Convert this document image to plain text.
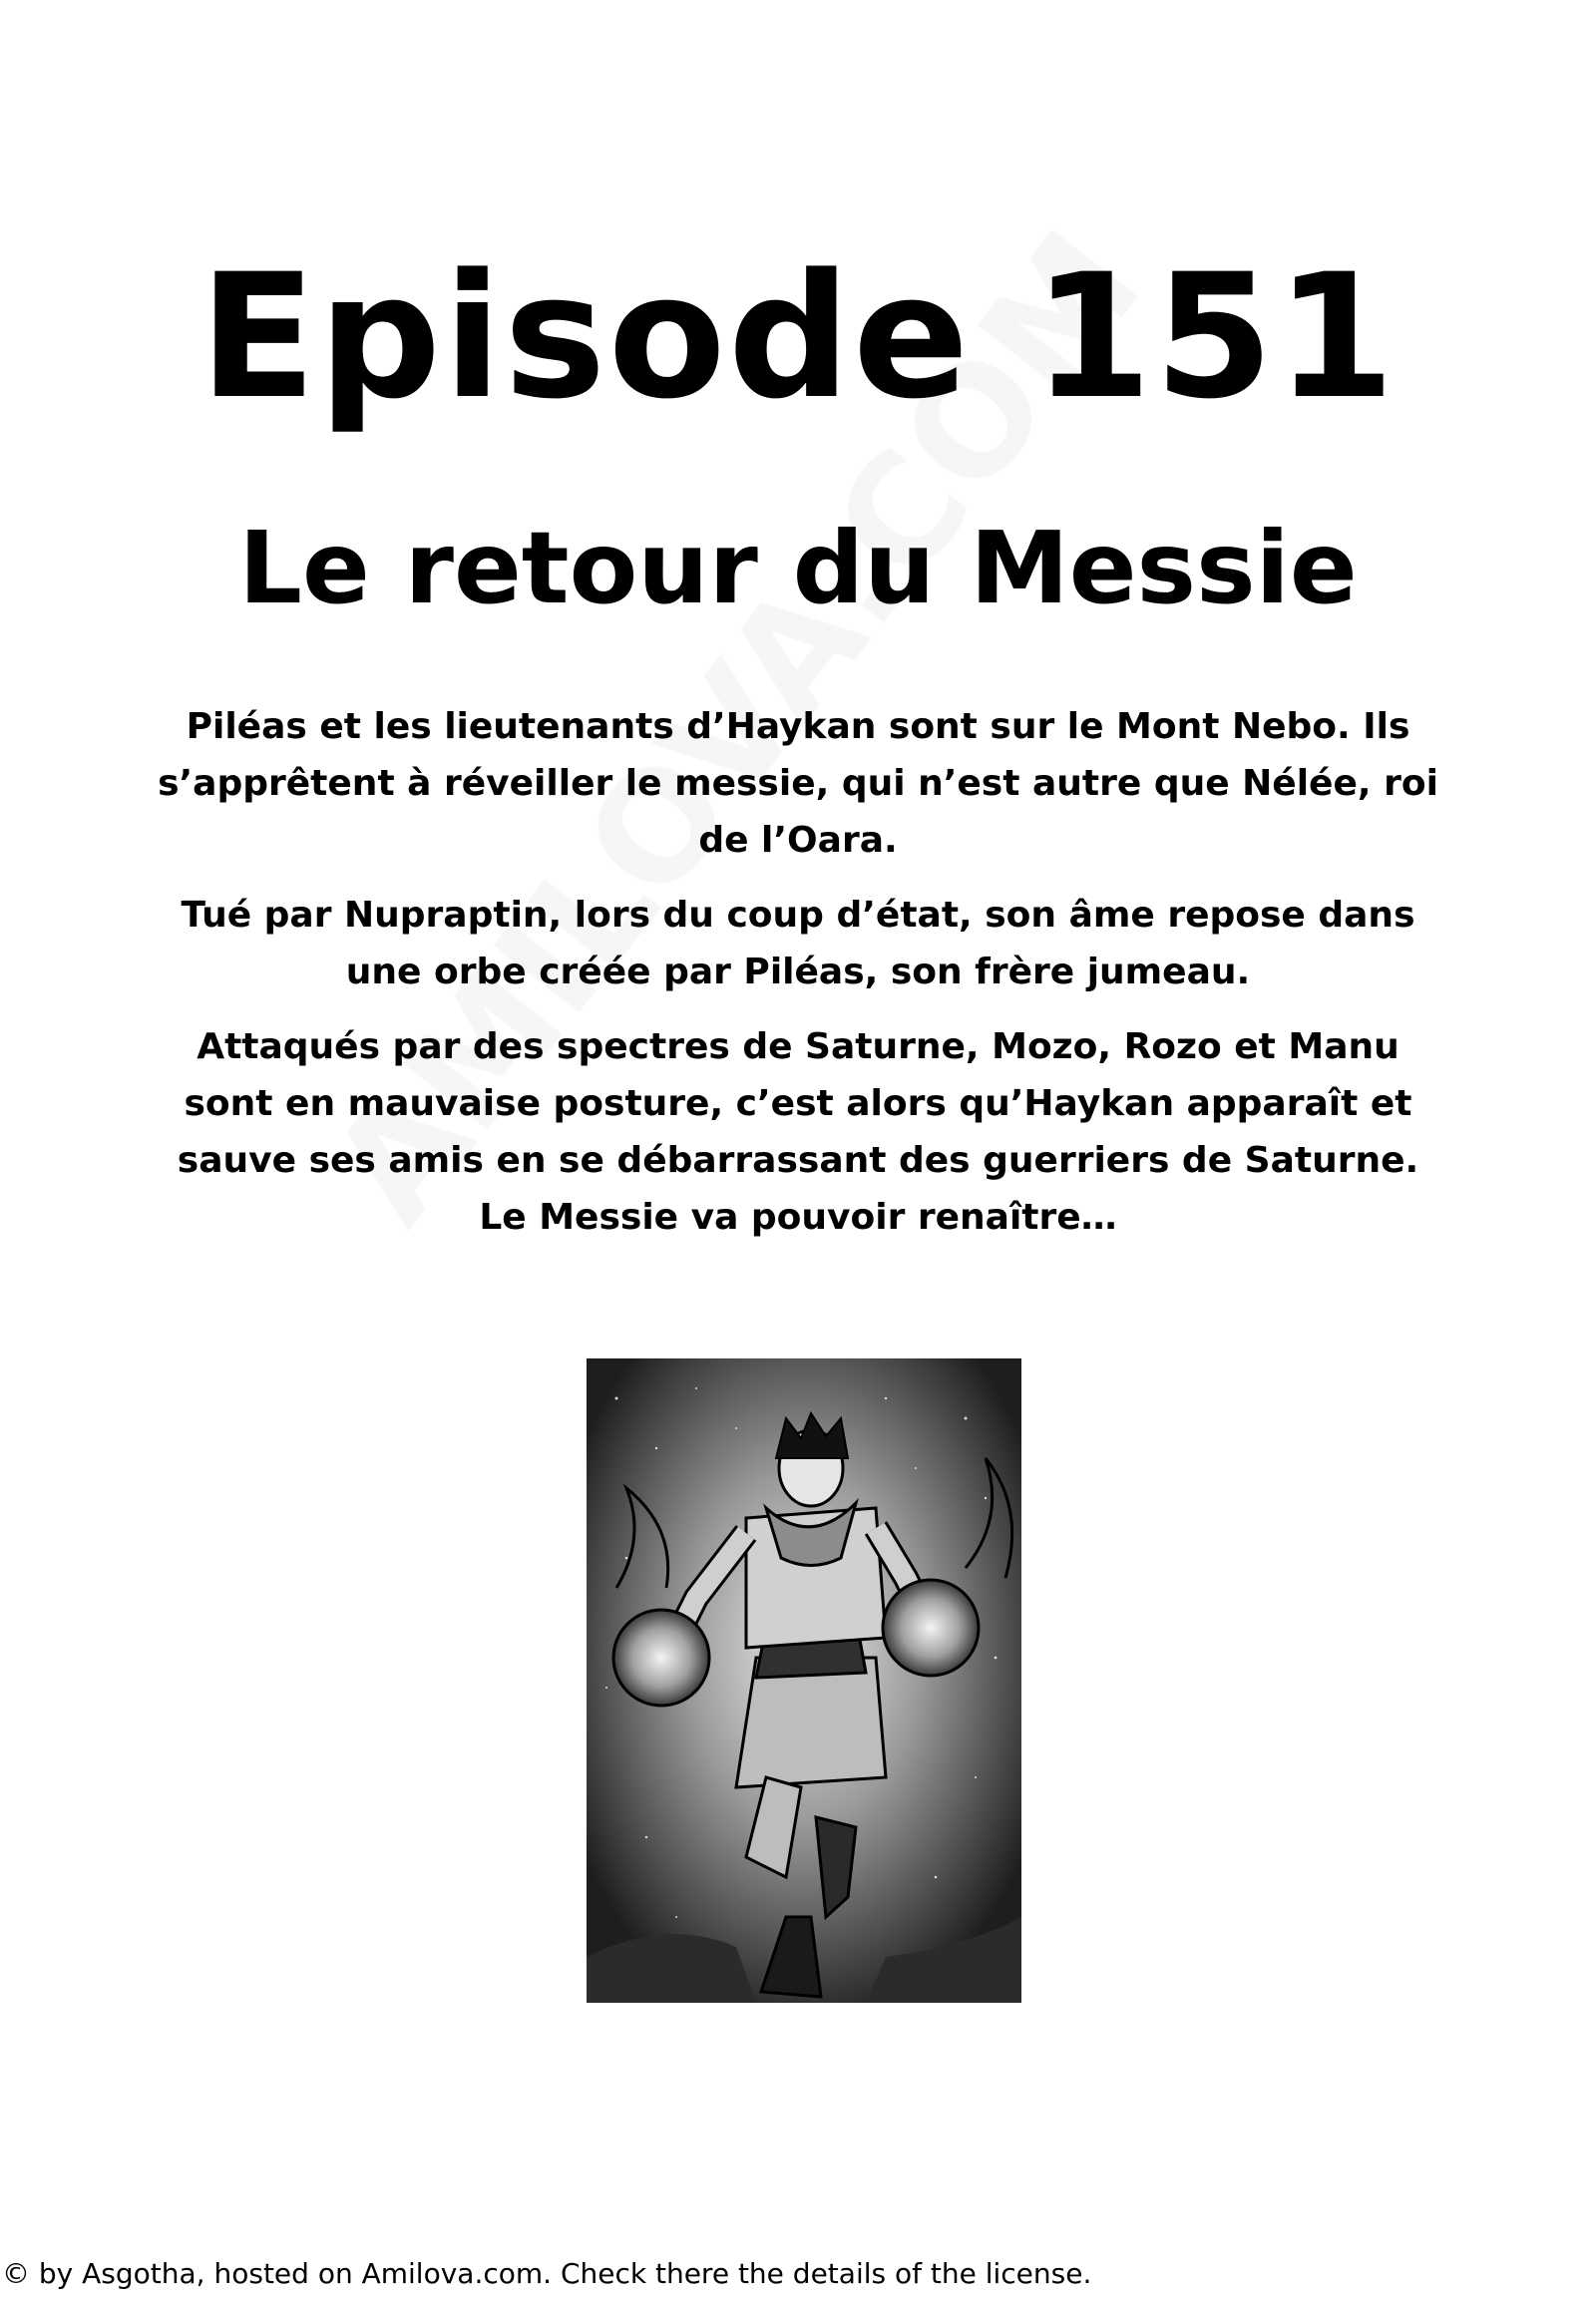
Episode 151
Le retour du Messie

Piléas et les lieutenants d’Haykan sont sur le Mont Nebo. Ils s’apprêtent à réveiller le messie, qui n’est autre que Nélée, roi de l’Oara.

Tué par Nupraptin, lors du coup d’état, son âme repose dans une orbe créée par Piléas, son frère jumeau.

Attaqués par des spectres de Saturne, Mozo, Rozo et Manu sont en mauvaise posture, c’est alors qu’Haykan apparaît et sauve ses amis en se débarrassant des guerriers de Saturne. Le Messie va pouvoir renaître…

© by Asgotha, hosted on Amilova.com. Check there the details of the license.
